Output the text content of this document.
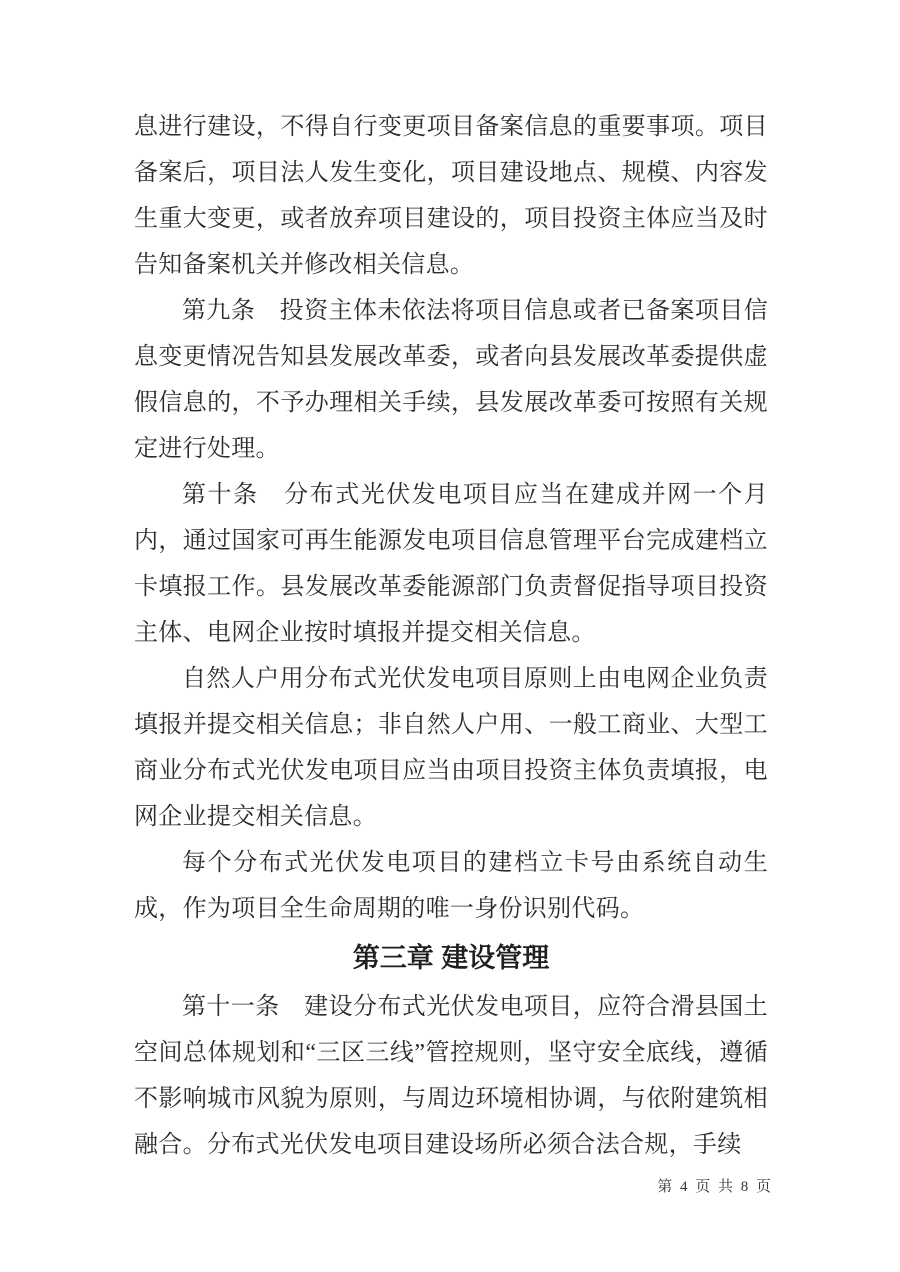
息进行建设，不得自行变更项目备案信息的重要事项。项目备案后，项目法人发生变化，项目建设地点、规模、内容发生重大变更，或者放弃项目建设的，项目投资主体应当及时告知备案机关并修改相关信息。

第九条　投资主体未依法将项目信息或者已备案项目信息变更情况告知县发展改革委，或者向县发展改革委提供虚假信息的，不予办理相关手续，县发展改革委可按照有关规定进行处理。

第十条　分布式光伏发电项目应当在建成并网一个月内，通过国家可再生能源发电项目信息管理平台完成建档立卡填报工作。县发展改革委能源部门负责督促指导项目投资主体、电网企业按时填报并提交相关信息。

自然人户用分布式光伏发电项目原则上由电网企业负责填报并提交相关信息；非自然人户用、一般工商业、大型工商业分布式光伏发电项目应当由项目投资主体负责填报，电网企业提交相关信息。

每个分布式光伏发电项目的建档立卡号由系统自动生成，作为项目全生命周期的唯一身份识别代码。

第三章 建设管理

第十一条　建设分布式光伏发电项目，应符合滑县国土空间总体规划和“三区三线”管控规则，坚守安全底线，遵循不影响城市风貌为原则，与周边环境相协调，与依附建筑相融合。分布式光伏发电项目建设场所必须合法合规，手续

第 4 页 共 8 页
